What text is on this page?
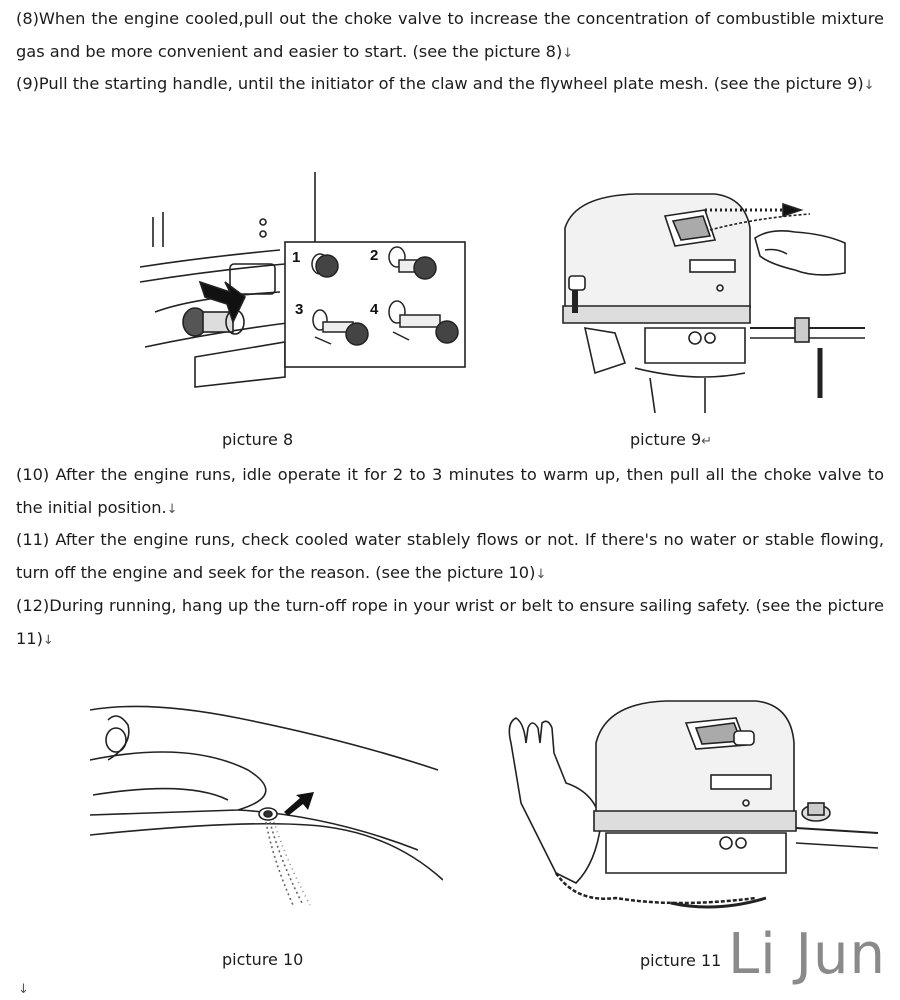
(8)When the engine cooled,pull out the choke valve to increase the concentration of combustible mixture gas and be more convenient and easier to start. (see the picture 8)↓

(9)Pull the starting handle, until the initiator of the claw and the flywheel plate mesh. (see the picture 9)↓

1	2
3	4
picture 8	picture 9↵

(10) After the engine runs, idle operate it for 2 to 3 minutes to warm up, then pull all the choke valve to the initial position.↓

(11) After the engine runs, check cooled water stablely flows or not. If there's no water or stable flowing, turn off the engine and seek for the reason. (see the picture 10)↓

(12)During running, hang up the turn-off rope in your wrist or belt to ensure sailing safety. (see the picture 11)↓

picture 10	picture 11 Li Jun
↓
